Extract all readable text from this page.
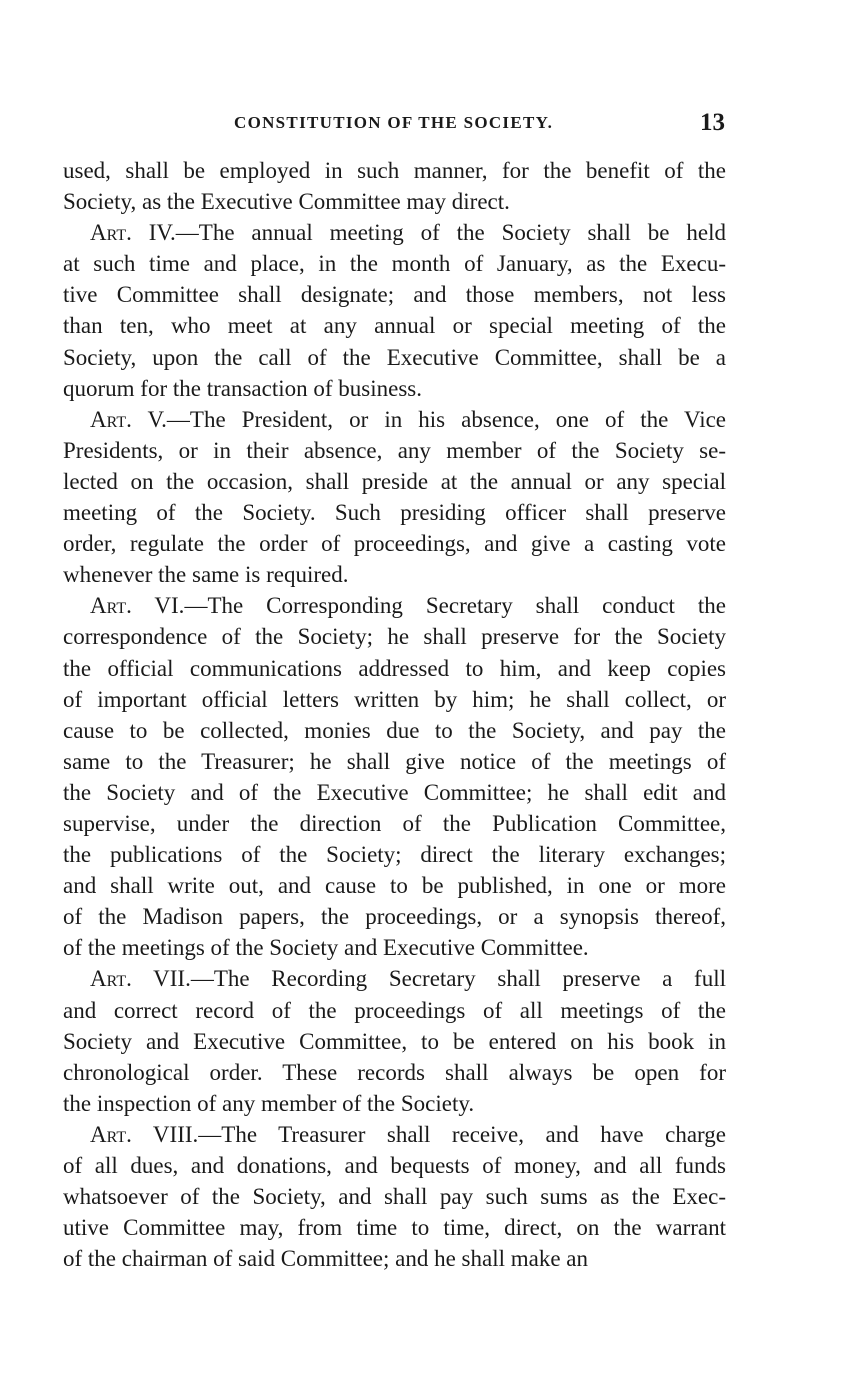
CONSTITUTION OF THE SOCIETY.	13
used, shall be employed in such manner, for the benefit of the
Society, as the Executive Committee may direct.
Art. IV.—The annual meeting of the Society shall be held
at such time and place, in the month of January, as the Execu-
tive Committee shall designate; and those members, not less
than ten, who meet at any annual or special meeting of the
Society, upon the call of the Executive Committee, shall be a
quorum for the transaction of business.
Art. V.—The President, or in his absence, one of the Vice
Presidents, or in their absence, any member of the Society se-
lected on the occasion, shall preside at the annual or any special
meeting of the Society. Such presiding officer shall preserve
order, regulate the order of proceedings, and give a casting vote
whenever the same is required.
Art. VI.—The Corresponding Secretary shall conduct the
correspondence of the Society; he shall preserve for the Society
the official communications addressed to him, and keep copies
of important official letters written by him; he shall collect, or
cause to be collected, monies due to the Society, and pay the
same to the Treasurer; he shall give notice of the meetings of
the Society and of the Executive Committee; he shall edit and
supervise, under the direction of the Publication Committee,
the publications of the Society; direct the literary exchanges;
and shall write out, and cause to be published, in one or more
of the Madison papers, the proceedings, or a synopsis thereof,
of the meetings of the Society and Executive Committee.
Art. VII.—The Recording Secretary shall preserve a full
and correct record of the proceedings of all meetings of the
Society and Executive Committee, to be entered on his book in
chronological order. These records shall always be open for
the inspection of any member of the Society.
Art. VIII.—The Treasurer shall receive, and have charge
of all dues, and donations, and bequests of money, and all funds
whatsoever of the Society, and shall pay such sums as the Exec-
utive Committee may, from time to time, direct, on the warrant
of the chairman of said Committee; and he shall make an
